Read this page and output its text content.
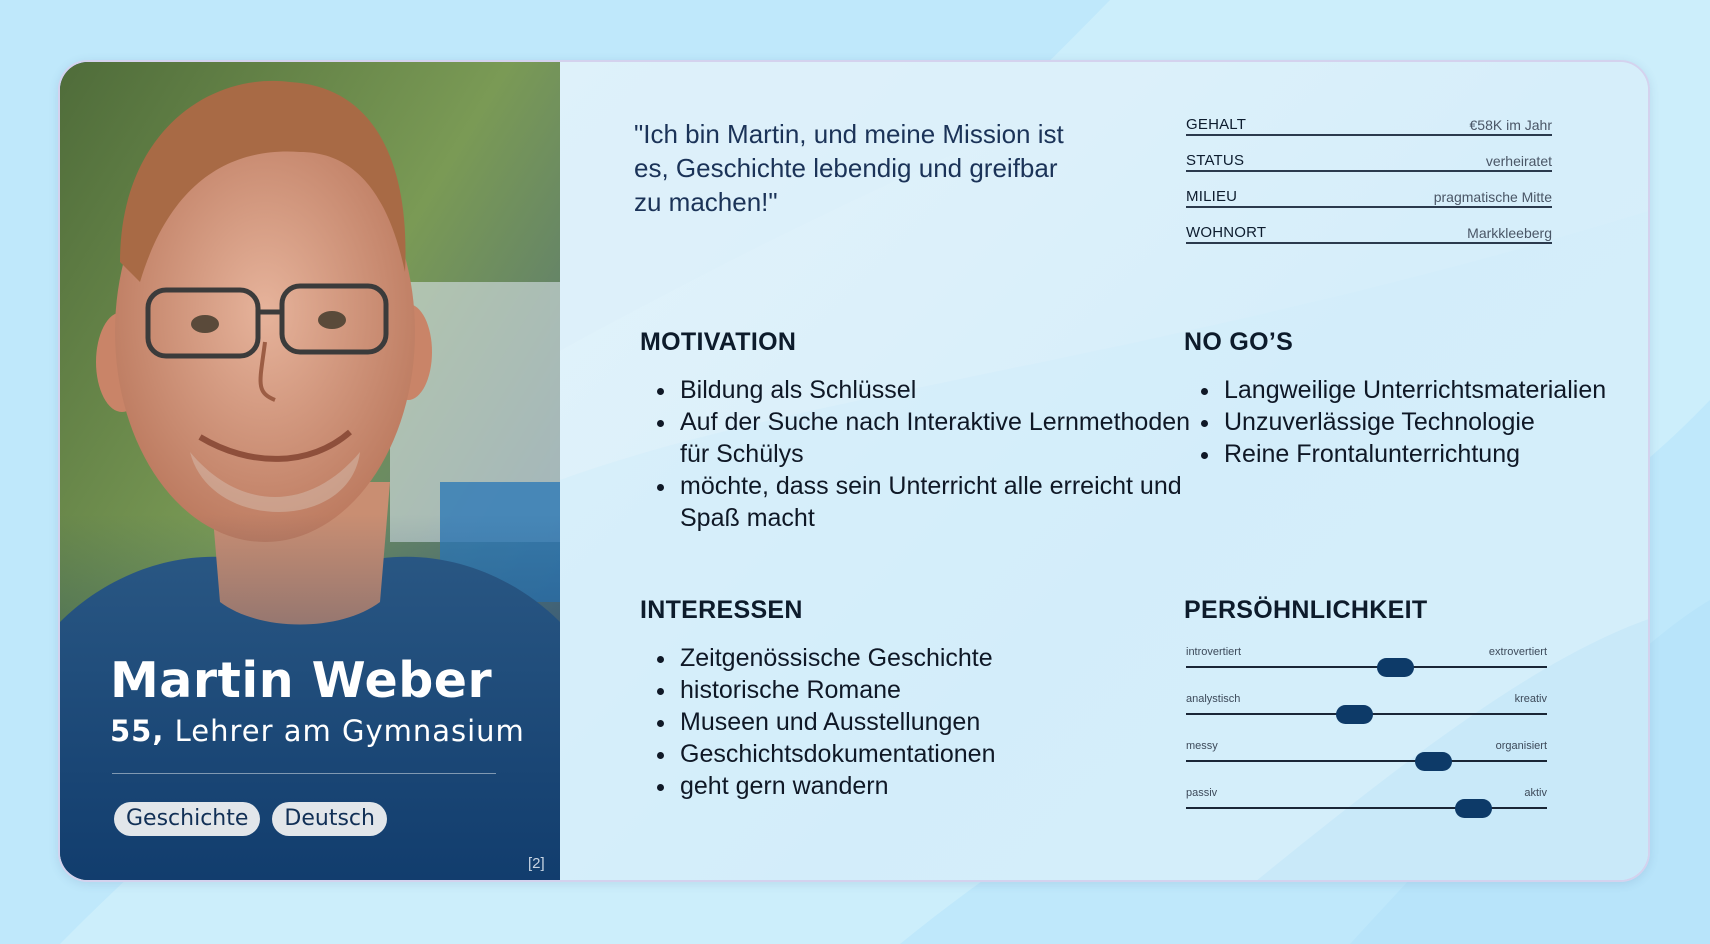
Martin Weber
55, Lehrer am Gymnasium
Geschichte	Deutsch
[2]
"Ich bin Martin, und meine Mission ist es, Geschichte lebendig und greifbar zu machen!"
GEHALT	€58K im Jahr
STATUS	verheiratet
MILIEU	pragmatische Mitte
WOHNORT	Markkleeberg
MOTIVATION
• Bildung als Schlüssel
• Auf der Suche nach Interaktive Lernmethoden für Schülys
• möchte, dass sein Unterricht alle erreicht und Spaß macht
NO GO’S
• Langweilige Unterrichtsmaterialien
• Unzuverlässige Technologie
• Reine Frontalunterrichtung
INTERESSEN
• Zeitgenössische Geschichte
• historische Romane
• Museen und Ausstellungen
• Geschichtsdokumentationen
• geht gern wandern
PERSÖHNLICHKEIT
introvertiert	extrovertiert
analystisch	kreativ
messy	organisiert
passiv	aktiv
